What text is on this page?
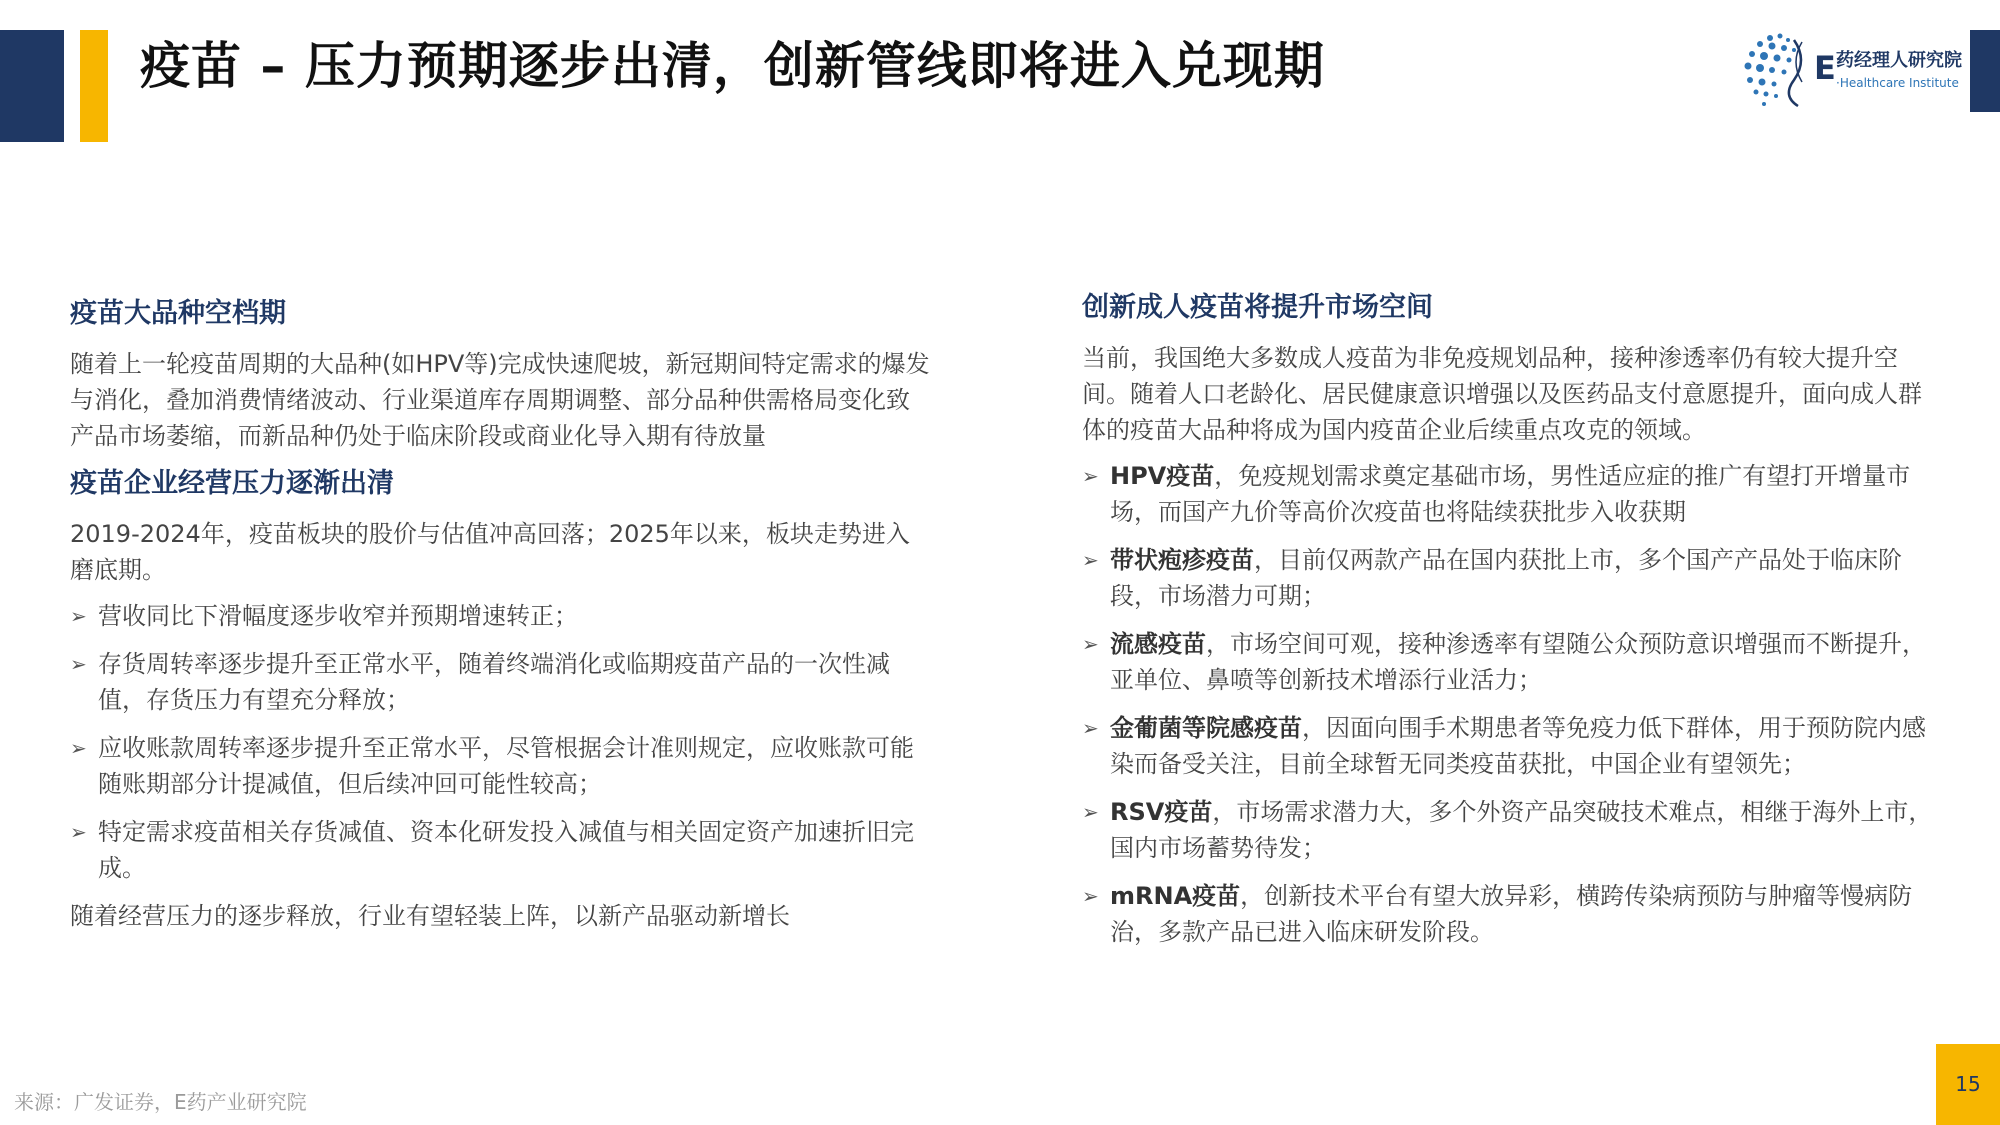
疫苗 – 压力预期逐步出清，创新管线即将进入兑现期	E 药经理人研究院
·Healthcare Institute
疫苗大品种空档期
随着上一轮疫苗周期的大品种(如HPV等)完成快速爬坡，新冠期间特定需求的爆发与消化，叠加消费情绪波动、行业渠道库存周期调整、部分品种供需格局变化致产品市场萎缩，而新品种仍处于临床阶段或商业化导入期有待放量
疫苗企业经营压力逐渐出清
2019-2024年，疫苗板块的股价与估值冲高回落；2025年以来，板块走势进入磨底期。
➢ 营收同比下滑幅度逐步收窄并预期增速转正；
➢ 存货周转率逐步提升至正常水平，随着终端消化或临期疫苗产品的一次性减值，存货压力有望充分释放；
➢ 应收账款周转率逐步提升至正常水平，尽管根据会计准则规定，应收账款可能随账期部分计提减值，但后续冲回可能性较高；
➢ 特定需求疫苗相关存货减值、资本化研发投入减值与相关固定资产加速折旧完成。
随着经营压力的逐步释放，行业有望轻装上阵，以新产品驱动新增长
创新成人疫苗将提升市场空间
当前，我国绝大多数成人疫苗为非免疫规划品种，接种渗透率仍有较大提升空间。随着人口老龄化、居民健康意识增强以及医药品支付意愿提升，面向成人群体的疫苗大品种将成为国内疫苗企业后续重点攻克的领域。
➢ HPV疫苗，免疫规划需求奠定基础市场，男性适应症的推广有望打开增量市场，而国产九价等高价次疫苗也将陆续获批步入收获期
➢ 带状疱疹疫苗，目前仅两款产品在国内获批上市，多个国产产品处于临床阶段，市场潜力可期；
➢ 流感疫苗，市场空间可观，接种渗透率有望随公众预防意识增强而不断提升，亚单位、鼻喷等创新技术增添行业活力；
➢ 金葡菌等院感疫苗，因面向围手术期患者等免疫力低下群体，用于预防院内感染而备受关注，目前全球暂无同类疫苗获批，中国企业有望领先；
➢ RSV疫苗，市场需求潜力大，多个外资产品突破技术难点，相继于海外上市，国内市场蓄势待发；
➢ mRNA疫苗，创新技术平台有望大放异彩，横跨传染病预防与肿瘤等慢病防治，多款产品已进入临床研发阶段。
来源：广发证券，E药产业研究院
15
